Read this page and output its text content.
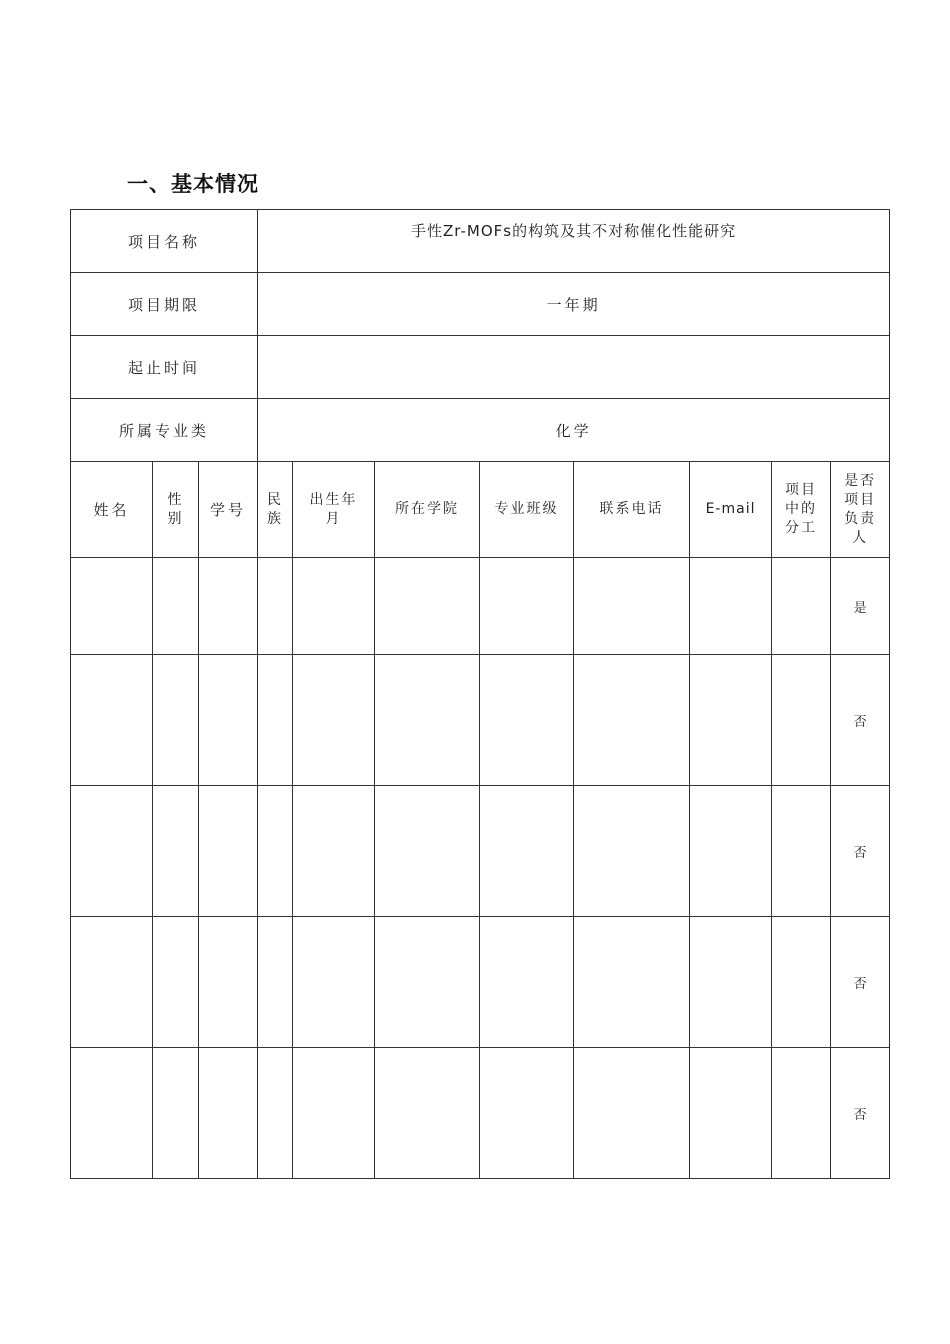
一、基本情况
项目名称			手性Zr-MOFs的构筑及其不对称催化性能研究							
项目期限			一年期							
起止时间										
所属专业类			化学							
姓名	性别	学号	民族	出生年月	所在学院	专业班级	联系电话	E-mail	项目中的分工	是否项目负责人
										是
										否
										否
										否
										否
